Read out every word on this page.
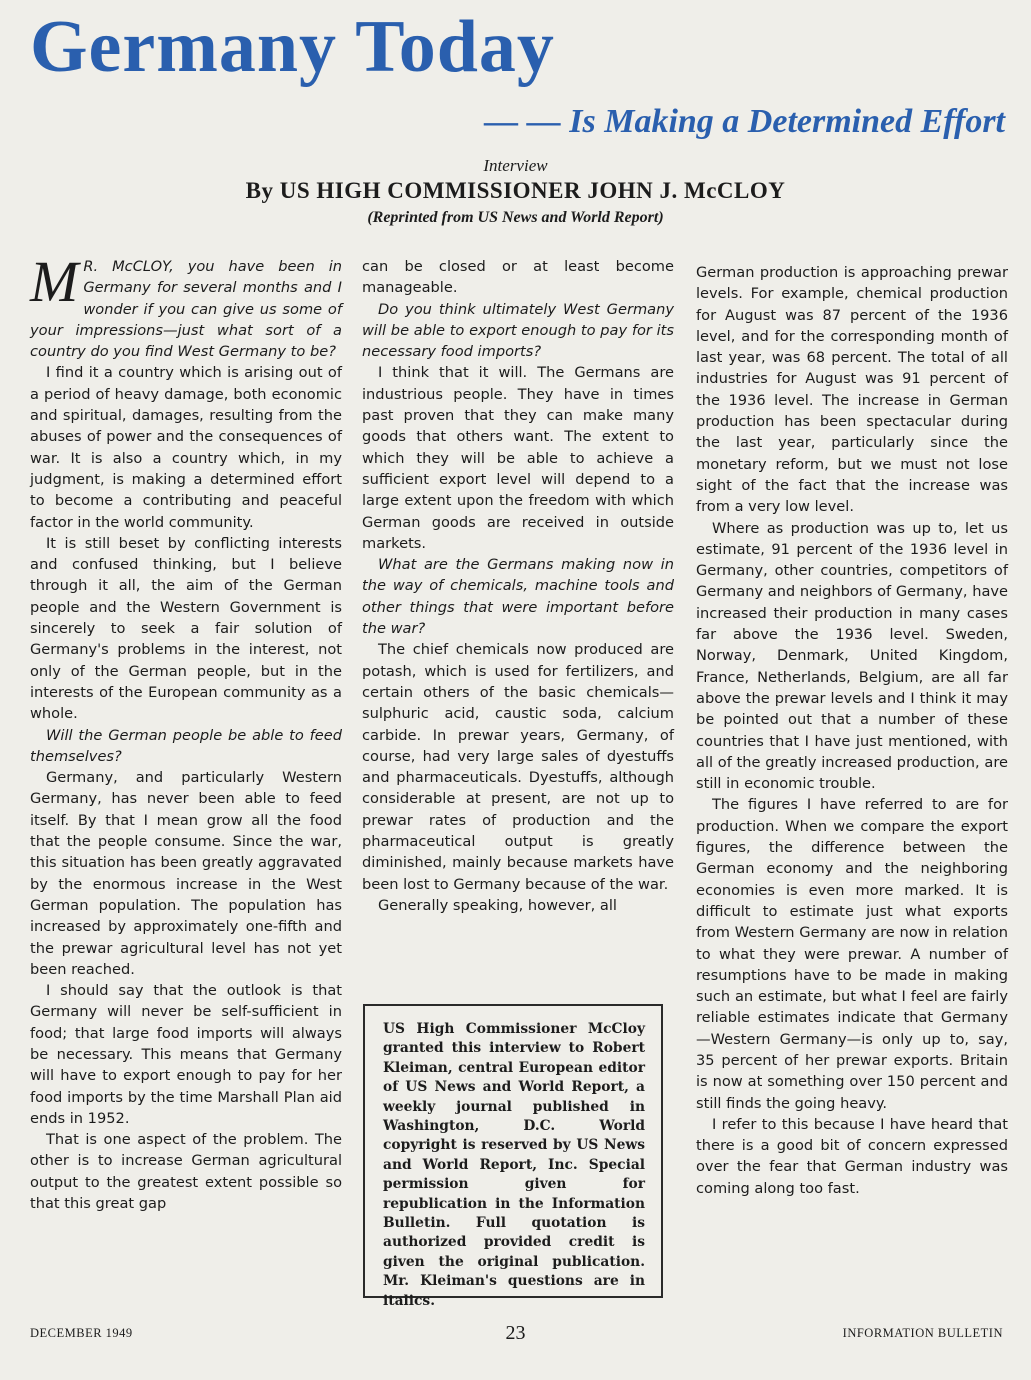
Germany Today
— — Is Making a Determined Effort
Interview
By US HIGH COMMISSIONER JOHN J. McCLOY
(Reprinted from US News and World Report)

M R. McCLOY, you have been in Germany for several months and I wonder if you can give us some of your impressions—just what sort of a country do you find West Germany to be?

I find it a country which is arising out of a period of heavy damage, both economic and spiritual, damages, resulting from the abuses of power and the consequences of war. It is also a country which, in my judgment, is making a determined effort to become a contributing and peaceful factor in the world community.

It is still beset by conflicting interests and confused thinking, but I believe through it all, the aim of the German people and the Western Government is sincerely to seek a fair solution of Germany's problems in the interest, not only of the German people, but in the interests of the European community as a whole.

Will the German people be able to feed themselves?

Germany, and particularly Western Germany, has never been able to feed itself. By that I mean grow all the food that the people consume. Since the war, this situation has been greatly aggravated by the enormous increase in the West German population. The population has increased by approximately one-fifth and the prewar agricultural level has not yet been reached.

I should say that the outlook is that Germany will never be self-sufficient in food; that large food imports will always be necessary. This means that Germany will have to export enough to pay for her food imports by the time Marshall Plan aid ends in 1952.

That is one aspect of the problem. The other is to increase German agricultural output to the greatest extent possible so that this great gap

can be closed or at least become manageable.

Do you think ultimately West Germany will be able to export enough to pay for its necessary food imports?

I think that it will. The Germans are industrious people. They have in times past proven that they can make many goods that others want. The extent to which they will be able to achieve a sufficient export level will depend to a large extent upon the freedom with which German goods are received in outside markets.

What are the Germans making now in the way of chemicals, machine tools and other things that were important before the war?

The chief chemicals now produced are potash, which is used for fertilizers, and certain others of the basic chemicals—sulphuric acid, caustic soda, calcium carbide. In prewar years, Germany, of course, had very large sales of dyestuffs and pharmaceuticals. Dyestuffs, although considerable at present, are not up to prewar rates of production and the pharmaceutical output is greatly diminished, mainly because markets have been lost to Germany because of the war.

Generally speaking, however, all

US High Commissioner McCloy granted this interview to Robert Kleiman, central European editor of US News and World Report, a weekly journal published in Washington, D.C. World copyright is reserved by US News and World Report, Inc. Special permission given for republication in the Information Bulletin. Full quotation is authorized provided credit is given the original publication. Mr. Kleiman's questions are in italics.

German production is approaching prewar levels. For example, chemical production for August was 87 percent of the 1936 level, and for the corresponding month of last year, was 68 percent. The total of all industries for August was 91 percent of the 1936 level. The increase in German production has been spectacular during the last year, particularly since the monetary reform, but we must not lose sight of the fact that the increase was from a very low level.

Where as production was up to, let us estimate, 91 percent of the 1936 level in Germany, other countries, competitors of Germany and neighbors of Germany, have increased their production in many cases far above the 1936 level. Sweden, Norway, Denmark, United Kingdom, France, Netherlands, Belgium, are all far above the prewar levels and I think it may be pointed out that a number of these countries that I have just mentioned, with all of the greatly increased production, are still in economic trouble.

The figures I have referred to are for production. When we compare the export figures, the difference between the German economy and the neighboring economies is even more marked. It is difficult to estimate just what exports from Western Germany are now in relation to what they were prewar. A number of resumptions have to be made in making such an estimate, but what I feel are fairly reliable estimates indicate that Germany—Western Germany—is only up to, say, 35 percent of her prewar exports. Britain is now at something over 150 percent and still finds the going heavy.

I refer to this because I have heard that there is a good bit of concern expressed over the fear that German industry was coming along too fast.

DECEMBER 1949	23	INFORMATION BULLETIN
